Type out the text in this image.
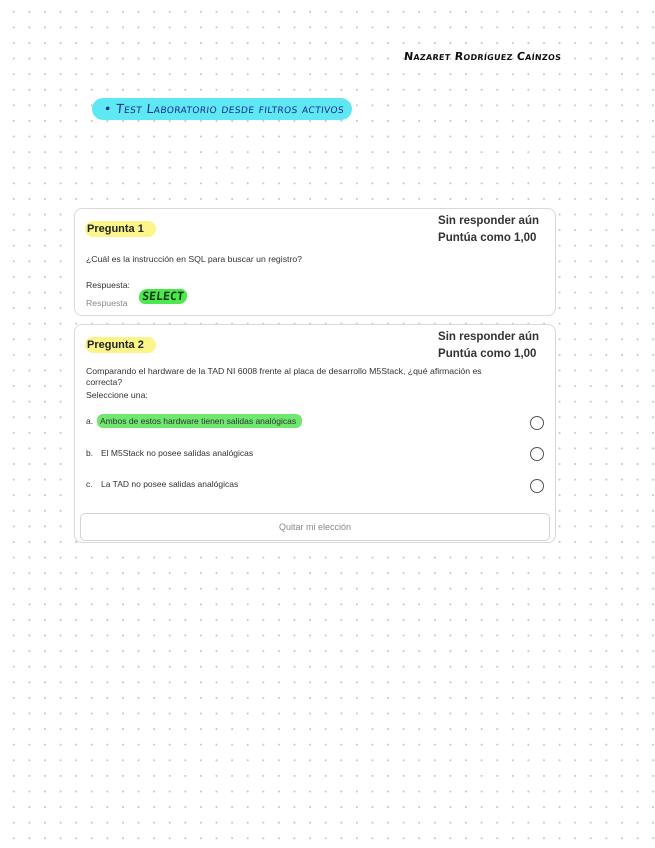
Nazaret Rodríguez Caínzos
• Test Laboratorio desde filtros activos
Pregunta 1
Sin responder aún
Puntúa como 1,00
¿Cuál es la instrucción en SQL para buscar un registro?
Respuesta:
Respuesta SELECT
Pregunta 2
Sin responder aún
Puntúa como 1,00
Comparando el hardware de la TAD NI 6008 frente al placa de desarrollo M5Stack, ¿qué afirmación es
correcta?
Seleccione una:
a. Ambos de estos hardware tienen salidas analógicas
b. El M5Stack no posee salidas analógicas
c. La TAD no posee salidas analógicas
Quitar mi elección
